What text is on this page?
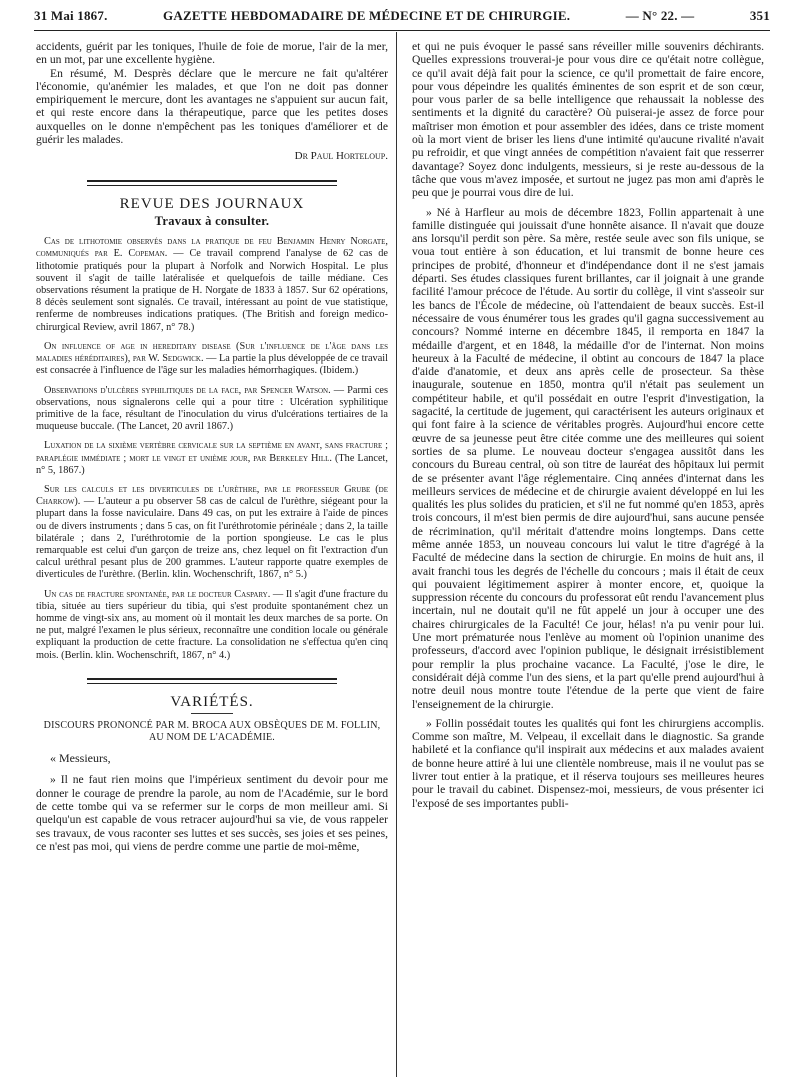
31 Mai 1867.	GAZETTE HEBDOMADAIRE DE MÉDECINE ET DE CHIRURGIE.	— N° 22. —	351

accidents, guérit par les toniques, l'huile de foie de morue, l'air de la mer, en un mot, par une excellente hygiène.

En résumé, M. Desprès déclare que le mercure ne fait qu'altérer l'économie, qu'anémier les malades, et que l'on ne doit pas donner empiriquement le mercure, dont les avantages ne s'appuient sur aucun fait, et qui reste encore dans la thérapeutique, parce que les petites doses auxquelles on le donne n'empêchent pas les toniques d'améliorer et de guérir les malades.

Dr Paul Horteloup.

REVUE DES JOURNAUX
Travaux à consulter.

Cas de lithotomie observés dans la pratique de feu Benjamin Henry Norgate, communiqués par E. Copeman. — Ce travail comprend l'analyse de 62 cas de lithotomie pratiqués pour la plupart à Norfolk and Norwich Hospital. Le plus souvent il s'agit de taille latéralisée et quelquefois de taille médiane. Ces observations résument la pratique de H. Norgate de 1833 à 1857. Sur 62 opérations, 8 décès seulement sont signalés. Ce travail, intéressant au point de vue statistique, renferme de nombreuses indications pratiques. (The British and foreign medico-chirurgical Review, avril 1867, n° 78.)

On influence of age in hereditary disease (Sur l'influence de l'âge dans les maladies héréditaires), par W. Sedgwick. — La partie la plus développée de ce travail est consacrée à l'influence de l'âge sur les maladies hémorrhagiques. (Ibidem.)

Observations d'ulcères syphilitiques de la face, par Spencer Watson. — Parmi ces observations, nous signalerons celle qui a pour titre : Ulcération syphilitique primitive de la face, résultant de l'inoculation du virus d'ulcérations tertiaires de la muqueuse buccale. (The Lancet, 20 avril 1867.)

Luxation de la sixième vertèbre cervicale sur la septième en avant, sans fracture ; paraplégie immédiate ; mort le vingt et unième jour, par Berkeley Hill. (The Lancet, n° 5, 1867.)

Sur les calculs et les diverticules de l'urèthre, par le professeur Grube (de Charkow). — L'auteur a pu observer 58 cas de calcul de l'urèthre, siégeant pour la plupart dans la fosse naviculaire. Dans 49 cas, on put les extraire à l'aide de pinces ou de divers instruments ; dans 5 cas, on fit l'uréthrotomie périnéale ; dans 2, la taille bilatérale ; dans 2, l'uréthrotomie de la portion spongieuse. Le cas le plus remarquable est celui d'un garçon de treize ans, chez lequel on fit l'extraction d'un calcul uréthral pesant plus de 200 grammes. L'auteur rapporte quatre exemples de diverticules de l'urèthre. (Berlin. klin. Wochenschrift, 1867, n° 5.)

Un cas de fracture spontanée, par le docteur Caspary. — Il s'agit d'une fracture du tibia, située au tiers supérieur du tibia, qui s'est produite spontanément chez un homme de vingt-six ans, au moment où il montait les deux marches de sa porte. On ne put, malgré l'examen le plus sérieux, reconnaître une condition locale ou générale expliquant la production de cette fracture. La consolidation ne s'effectua qu'en cinq mois. (Berlin. klin. Wochenschrift, 1867, n° 4.)

VARIÉTÉS.
DISCOURS PRONONCÉ PAR M. BROCA AUX OBSÈQUES DE M. FOLLIN, AU NOM DE L'ACADÉMIE.

« Messieurs,

» Il ne faut rien moins que l'impérieux sentiment du devoir pour me donner le courage de prendre la parole, au nom de l'Académie, sur le bord de cette tombe qui va se refermer sur le corps de mon meilleur ami. Si quelqu'un est capable de vous retracer aujourd'hui sa vie, de vous rappeler ses travaux, de vous raconter ses luttes et ses succès, ses joies et ses peines, ce n'est pas moi, qui viens de perdre comme une partie de moi-même,

et qui ne puis évoquer le passé sans réveiller mille souvenirs déchirants. Quelles expressions trouverai-je pour vous dire ce qu'était notre collègue, ce qu'il avait déjà fait pour la science, ce qu'il promettait de faire encore, pour vous dépeindre les qualités éminentes de son esprit et de son cœur, pour vous parler de sa belle intelligence que rehaussait la noblesse des sentiments et la dignité du caractère? Où puiserai-je assez de force pour maîtriser mon émotion et pour assembler des idées, dans ce triste moment où la mort vient de briser les liens d'une intimité qu'aucune rivalité n'avait pu refroidir, et que vingt années de compétition n'avaient fait que resserrer davantage? Soyez donc indulgents, messieurs, si je reste au-dessous de la tâche que vous m'avez imposée, et surtout ne jugez pas mon ami d'après le peu que je pourrai vous dire de lui.

» Né à Harfleur au mois de décembre 1823, Follin appartenait à une famille distinguée qui jouissait d'une honnête aisance. Il n'avait que douze ans lorsqu'il perdit son père. Sa mère, restée seule avec son fils unique, se voua tout entière à son éducation, et lui transmit de bonne heure ces principes de probité, d'honneur et d'indépendance dont il ne s'est jamais départi. Ses études classiques furent brillantes, car il joignait à une grande facilité l'amour précoce de l'étude. Au sortir du collège, il vint s'asseoir sur les bancs de l'École de médecine, où l'attendaient de beaux succès. Est-il nécessaire de vous énumérer tous les grades qu'il gagna successivement au concours? Nommé interne en décembre 1845, il remporta en 1847 la médaille d'argent, et en 1848, la médaille d'or de l'internat. Non moins heureux à la Faculté de médecine, il obtint au concours de 1847 la place d'aide d'anatomie, et deux ans après celle de prosecteur. Sa thèse inaugurale, soutenue en 1850, montra qu'il n'était pas seulement un compétiteur habile, et qu'il possédait en outre l'esprit d'investigation, la sagacité, la certitude de jugement, qui caractérisent les auteurs originaux et qui font faire à la science de véritables progrès. Aujourd'hui encore cette œuvre de sa jeunesse peut être citée comme une des meilleures qui soient sorties de sa plume. Le nouveau docteur s'engagea aussitôt dans les concours du Bureau central, où son titre de lauréat des hôpitaux lui permit de se présenter avant l'âge réglementaire. Cinq années d'internat dans les meilleurs services de médecine et de chirurgie avaient développé en lui les qualités les plus solides du praticien, et s'il ne fut nommé qu'en 1853, après trois concours, il m'est bien permis de dire aujourd'hui, sans aucune pensée de récrimination, qu'il méritait d'attendre moins longtemps. Dans cette même année 1853, un nouveau concours lui valut le titre d'agrégé à la Faculté de médecine dans la section de chirurgie. En moins de huit ans, il avait franchi tous les degrés de l'échelle du concours ; mais il était de ceux qui pouvaient légitimement aspirer à monter encore, et, quoique la suppression récente du concours du professorat eût rendu l'avancement plus incertain, nul ne doutait qu'il ne fût appelé un jour à occuper une des chaires chirurgicales de la Faculté! Ce jour, hélas! n'a pu venir pour lui. Une mort prématurée nous l'enlève au moment où l'opinion unanime des professeurs, d'accord avec l'opinion publique, le désignait irrésistiblement pour remplir la plus prochaine vacance. La Faculté, j'ose le dire, le considérait déjà comme l'un des siens, et la part qu'elle prend aujourd'hui à notre deuil nous montre toute l'étendue de la perte que vient de faire l'enseignement de la chirurgie.

» Follin possédait toutes les qualités qui font les chirurgiens accomplis. Comme son maître, M. Velpeau, il excellait dans le diagnostic. Sa grande habileté et la confiance qu'il inspirait aux médecins et aux malades avaient de bonne heure attiré à lui une clientèle nombreuse, mais il ne voulut pas se livrer tout entier à la pratique, et il réserva toujours ses meilleures heures pour le travail du cabinet. Dispensez-moi, messieurs, de vous présenter ici l'exposé de ses importantes publi-
